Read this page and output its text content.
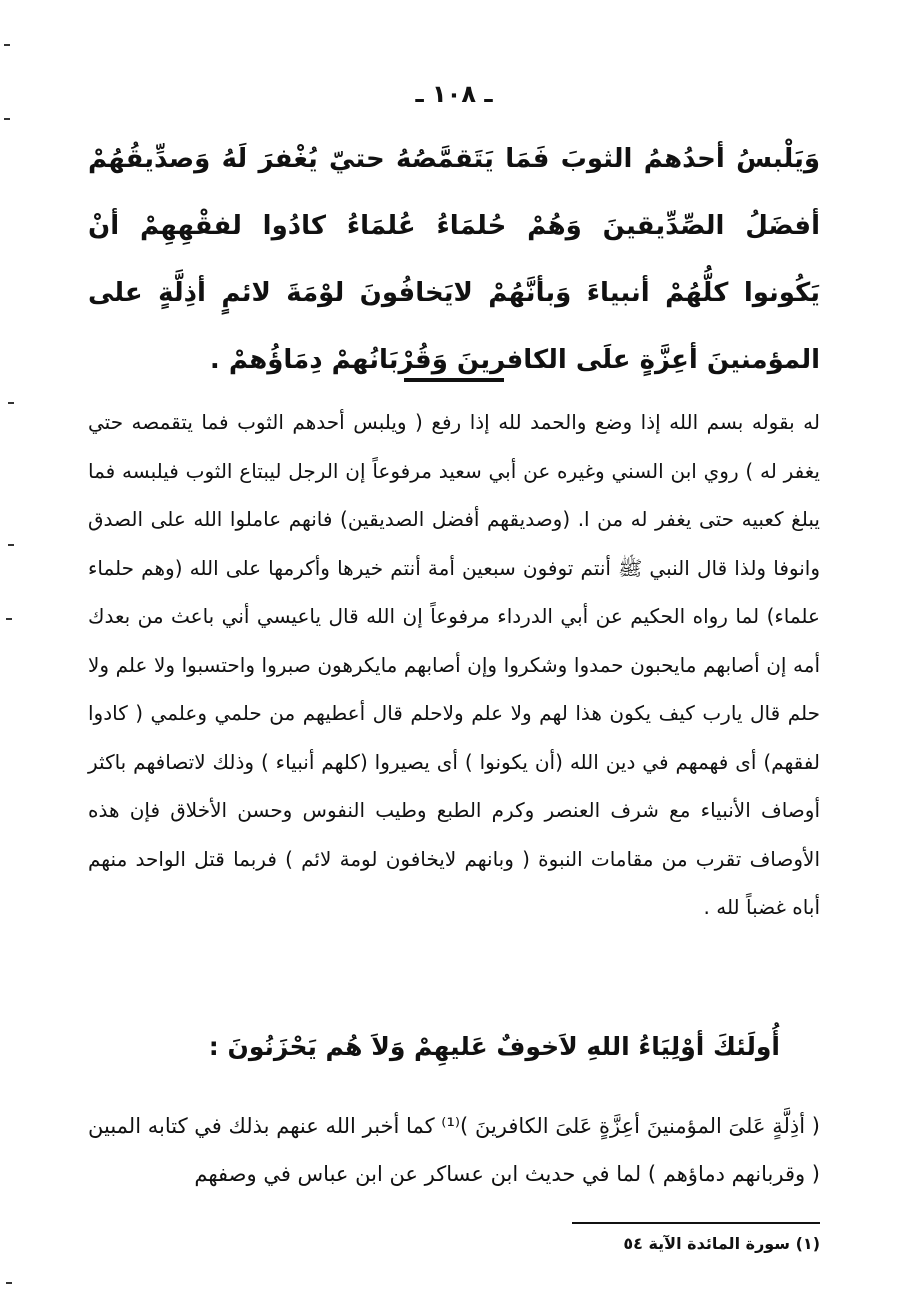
ـ ١٠٨ ـ
وَيَلْبسُ أحدُهمُ الثوبَ فَمَا يَتَقمَّصُهُ حتيّ يُغْفرَ لَهُ وَصدِّيقُهُمْ أفضَلُ الصِّدِّيقينَ وَهُمْ حُلمَاءُ عُلمَاءُ كادُوا لفقْهِهِمْ أنْ يَكُونوا كلُّهُمْ أنبياءَ وَبأنَّهُمْ لايَخافُونَ لوْمَةَ لائمٍ أذِلَّةٍ على المؤمنينَ أعِزَّةٍ علَى الكافرينَ وَقُرْبَانُهمْ دِمَاؤُهمْ .
له بقوله بسم الله إذا وضع والحمد لله إذا رفع ( ويلبس أحدهم الثوب فما يتقمصه حتي يغفر له ) روي ابن السني وغيره عن أبي سعيد مرفوعاً إن الرجل ليبتاع الثوب فيلبسه فما يبلغ كعبيه حتى يغفر له من ا. (وصديقهم أفضل الصديقين) فانهم عاملوا الله على الصدق وانوفا ولذا قال النبي ﷺ أنتم توفون سبعين أمة أنتم خيرها وأكرمها على الله (وهم حلماء علماء) لما رواه الحكيم عن أبي الدرداء مرفوعاً إن الله قال ياعيسي أني باعث من بعدك أمه إن أصابهم مايحبون حمدوا وشكروا وإن أصابهم مايكرهون صبروا واحتسبوا ولا علم ولا حلم قال يارب كيف يكون هذا لهم ولا علم ولاحلم قال أعطيهم من حلمي وعلمي ( كادوا لفقهم) أى فهمهم في دين الله (أن يكونوا ) أى يصيروا (كلهم أنبياء ) وذلك لاتصافهم باكثر أوصاف الأنبياء مع شرف العنصر وكرم الطبع وطيب النفوس وحسن الأخلاق فإن هذه الأوصاف تقرب من مقامات النبوة ( وبانهم لايخافون لومة لائم ) فربما قتل الواحد منهم أباه غضباً لله .
أُولَئكَ أوْلِيَاءُ اللهِ لاَخوفٌ عَليهِمْ وَلاَ هُم يَحْزَنُونَ :
( أذِلَّةٍ عَلىَ المؤمنينَ أعِزَّةٍ عَلىَ الكافرينَ )⁽¹⁾ كما أخبر الله عنهم بذلك في كتابه المبين ( وقربانهم دماؤهم ) لما في حديث ابن عساكر عن ابن عباس في وصفهم
(١) سورة المائدة الآية ٥٤
